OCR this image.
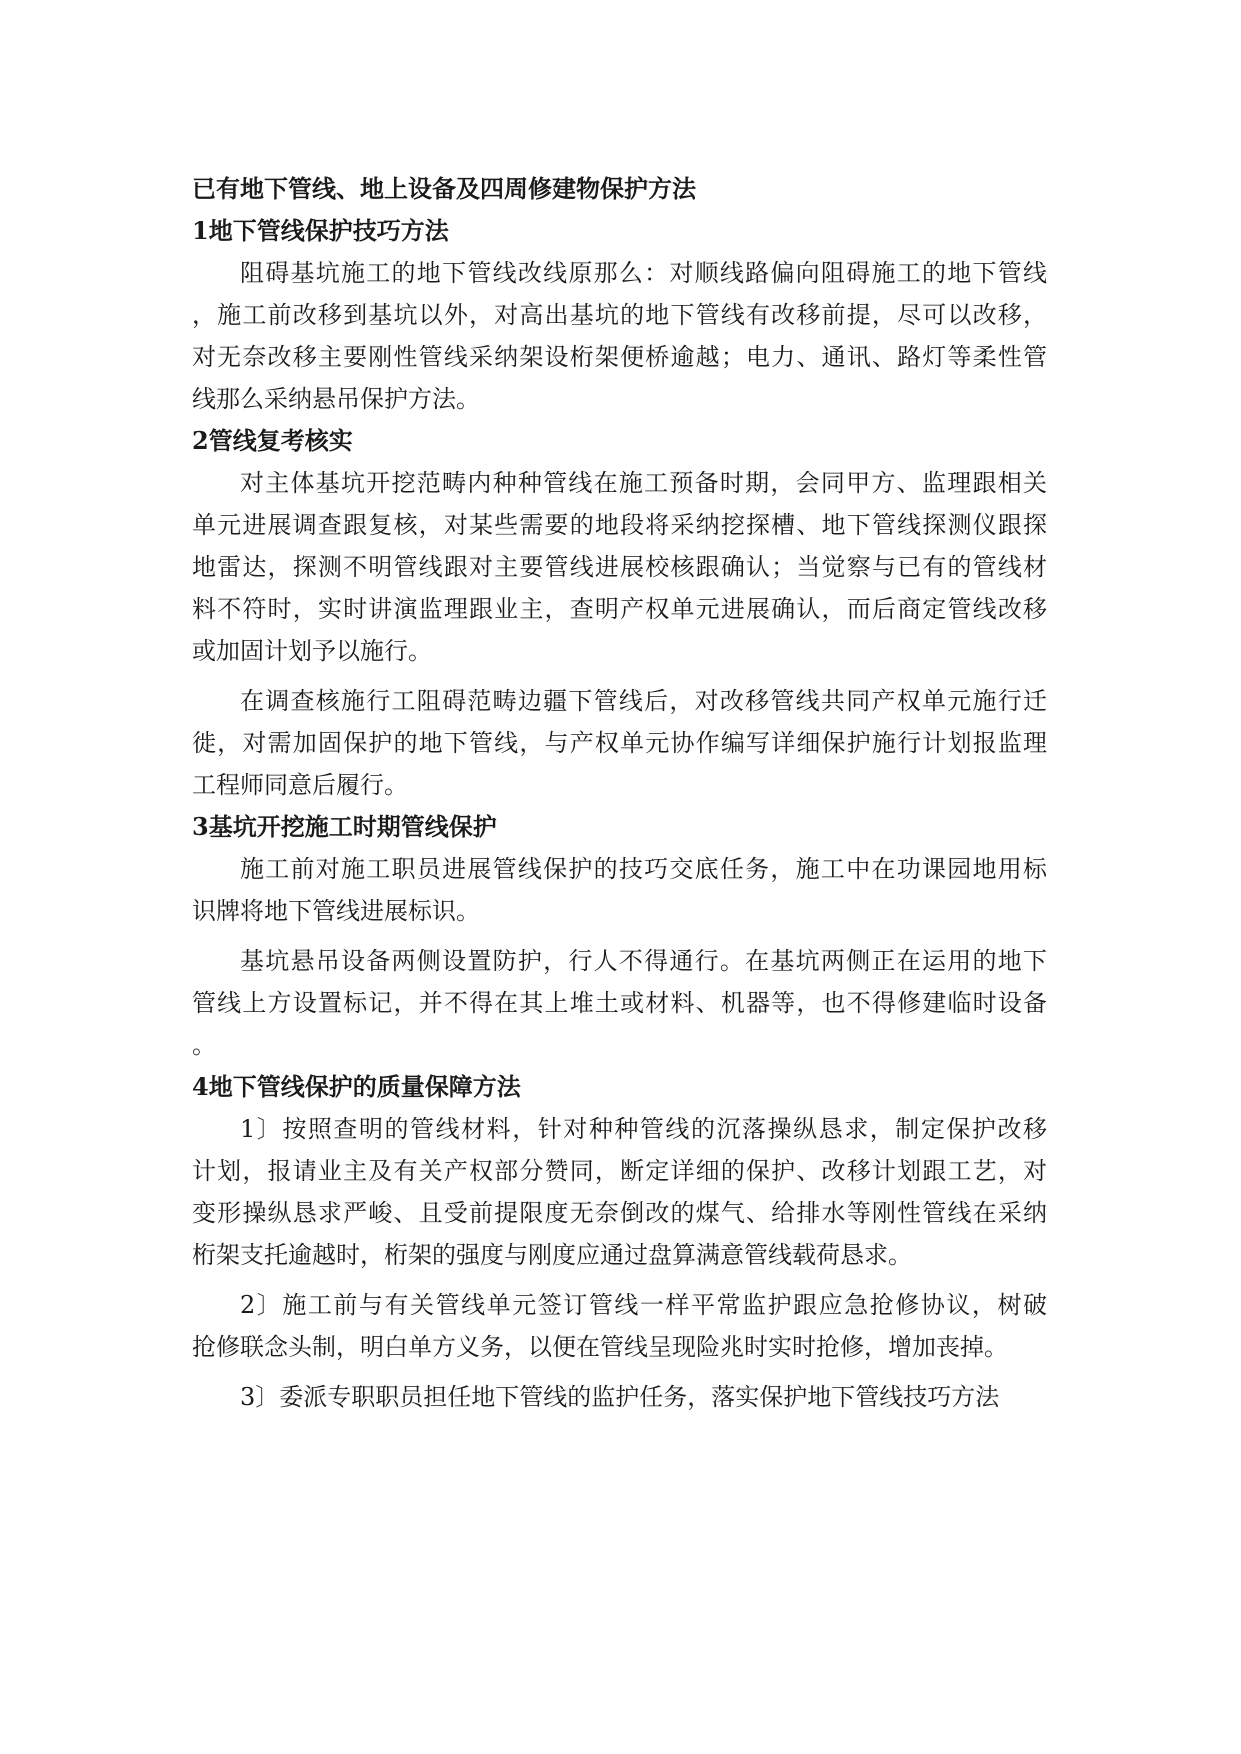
已有地下管线、地上设备及四周修建物保护方法
1地下管线保护技巧方法
阻碍基坑施工的地下管线改线原那么：对顺线路偏向阻碍施工的地下管线
，施工前改移到基坑以外，对高出基坑的地下管线有改移前提，尽可以改移，
对无奈改移主要刚性管线采纳架设桁架便桥逾越；电力、通讯、路灯等柔性管
线那么采纳悬吊保护方法。
2管线复考核实
对主体基坑开挖范畴内种种管线在施工预备时期，会同甲方、监理跟相关
单元进展调查跟复核，对某些需要的地段将采纳挖探槽、地下管线探测仪跟探
地雷达，探测不明管线跟对主要管线进展校核跟确认；当觉察与已有的管线材
料不符时，实时讲演监理跟业主，查明产权单元进展确认，而后商定管线改移
或加固计划予以施行。
在调查核施行工阻碍范畴边疆下管线后，对改移管线共同产权单元施行迁
徙，对需加固保护的地下管线，与产权单元协作编写详细保护施行计划报监理
工程师同意后履行。
3基坑开挖施工时期管线保护
施工前对施工职员进展管线保护的技巧交底任务，施工中在功课园地用标
识牌将地下管线进展标识。
基坑悬吊设备两侧设置防护，行人不得通行。在基坑两侧正在运用的地下
管线上方设置标记，并不得在其上堆土或材料、机器等，也不得修建临时设备
。
4地下管线保护的质量保障方法
1〕按照查明的管线材料，针对种种管线的沉落操纵恳求，制定保护改移
计划，报请业主及有关产权部分赞同，断定详细的保护、改移计划跟工艺，对
变形操纵恳求严峻、且受前提限度无奈倒改的煤气、给排水等刚性管线在采纳
桁架支托逾越时，桁架的强度与刚度应通过盘算满意管线载荷恳求。
2〕施工前与有关管线单元签订管线一样平常监护跟应急抢修协议，树破
抢修联念头制，明白单方义务，以便在管线呈现险兆时实时抢修，增加丧掉。
3〕委派专职职员担任地下管线的监护任务，落实保护地下管线技巧方法
